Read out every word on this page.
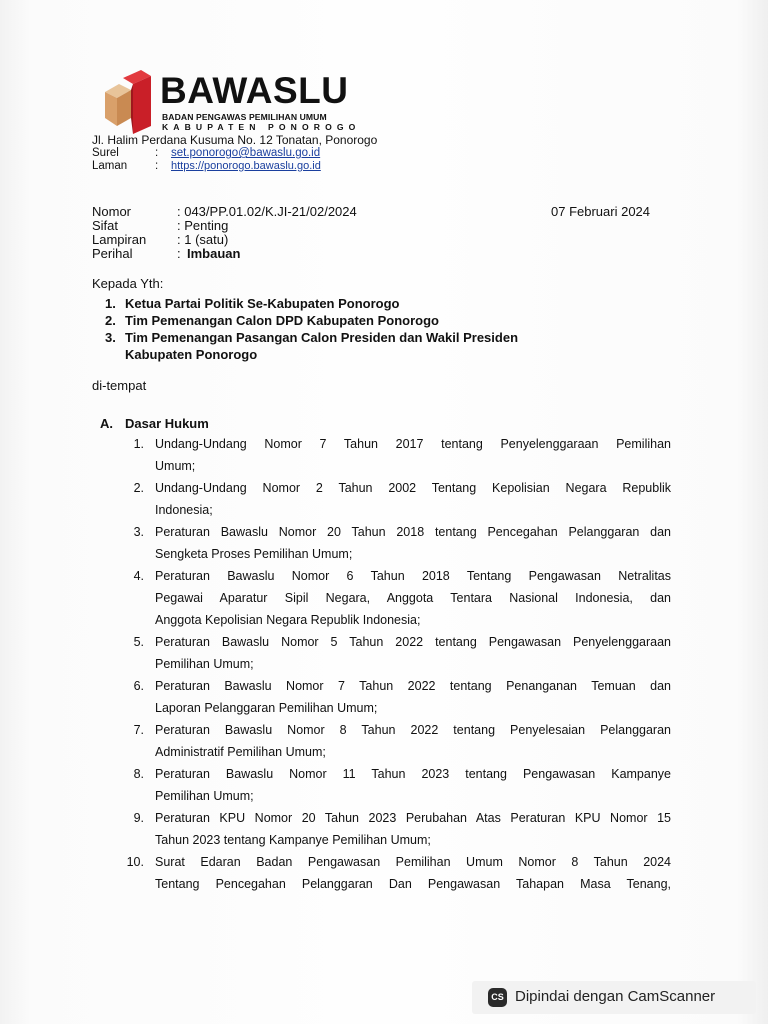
BAWASLU
BADAN PENGAWAS PEMILIHAN UMUM
KABUPATEN PONOROGO
Jl. Halim Perdana Kusuma No. 12 Tonatan, Ponorogo
Surel	: set.ponorogo@bawaslu.go.id
Laman : https://ponorogo.bawaslu.go.id
Nomor	: 043/PP.01.02/K.JI-21/02/2024	07 Februari 2024
Sifat	: Penting
Lampiran : 1 (satu)
Perihal	: Imbauan
Kepada Yth:
1. Ketua Partai Politik Se-Kabupaten Ponorogo
2. Tim Pemenangan Calon DPD Kabupaten Ponorogo
3. Tim Pemenangan Pasangan Calon Presiden dan Wakil Presiden
Kabupaten Ponorogo
di-tempat
A. Dasar Hukum
1. Undang-Undang Nomor 7 Tahun 2017 tentang Penyelenggaraan Pemilihan
Umum;
2. Undang-Undang Nomor 2 Tahun 2002 Tentang Kepolisian Negara Republik
Indonesia;
3. Peraturan Bawaslu Nomor 20 Tahun 2018 tentang Pencegahan Pelanggaran dan
Sengketa Proses Pemilihan Umum;
4. Peraturan Bawaslu Nomor 6 Tahun 2018 Tentang Pengawasan Netralitas
Pegawai Aparatur Sipil Negara, Anggota Tentara Nasional Indonesia, dan
Anggota Kepolisian Negara Republik Indonesia;
5. Peraturan Bawaslu Nomor 5 Tahun 2022 tentang Pengawasan Penyelenggaraan
Pemilihan Umum;
6. Peraturan Bawaslu Nomor 7 Tahun 2022 tentang Penanganan Temuan dan
Laporan Pelanggaran Pemilihan Umum;
7. Peraturan Bawaslu Nomor 8 Tahun 2022 tentang Penyelesaian Pelanggaran
Administratif Pemilihan Umum;
8. Peraturan Bawaslu Nomor 11 Tahun 2023 tentang Pengawasan Kampanye
Pemilihan Umum;
9. Peraturan KPU Nomor 20 Tahun 2023 Perubahan Atas Peraturan KPU Nomor 15
Tahun 2023 tentang Kampanye Pemilihan Umum;
10. Surat Edaran Badan Pengawasan Pemilihan Umum Nomor 8 Tahun 2024
Tentang Pencegahan Pelanggaran Dan Pengawasan Tahapan Masa Tenang,
CS Dipindai dengan CamScanner
